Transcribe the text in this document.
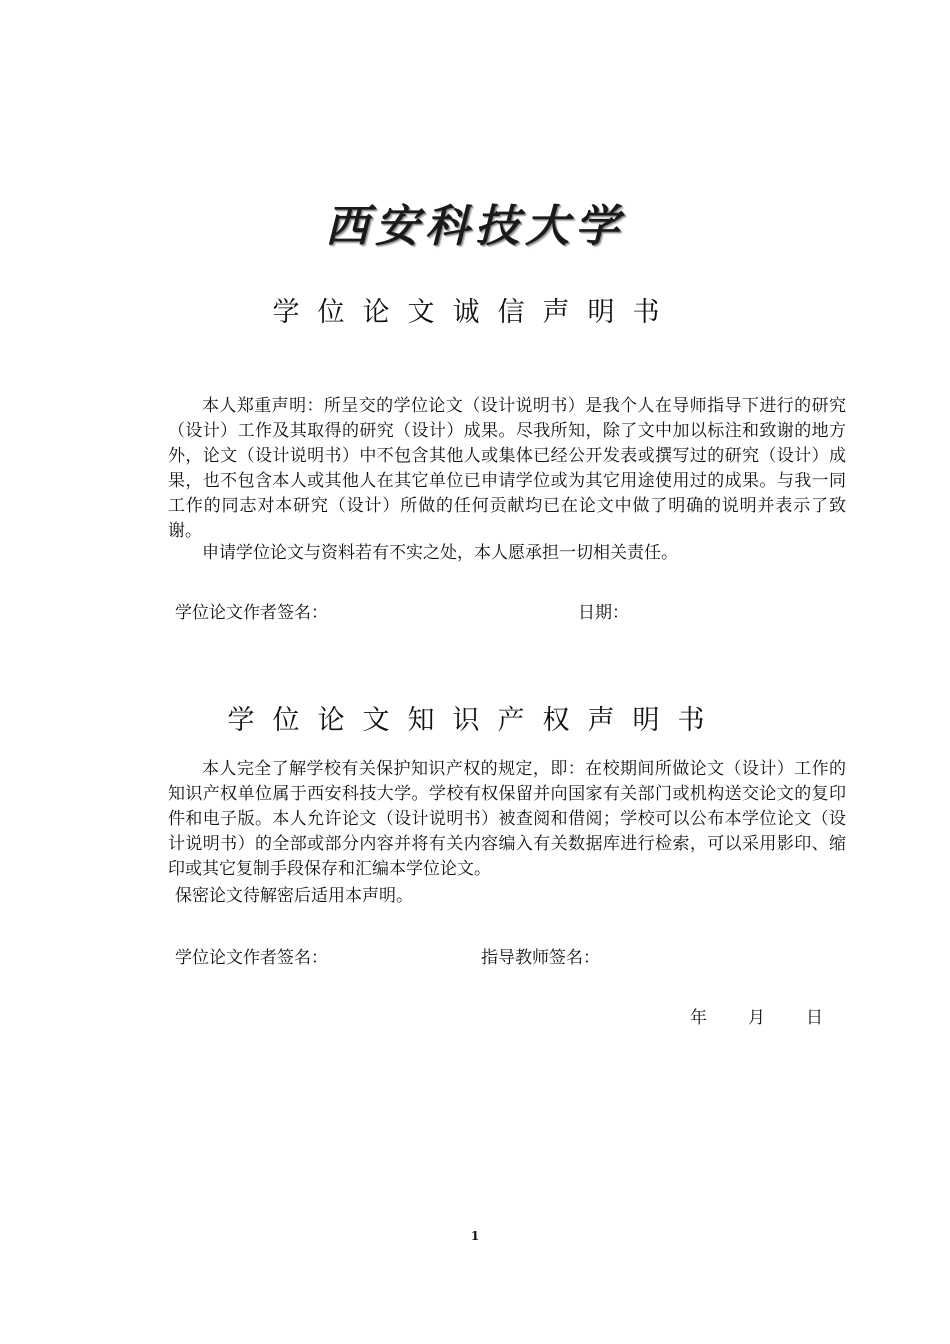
西安科技大学
学位论文诚信声明书

本人郑重声明：所呈交的学位论文（设计说明书）是我个人在导师指导下进行的研究（设计）工作及其取得的研究（设计）成果。尽我所知，除了文中加以标注和致谢的地方外，论文（设计说明书）中不包含其他人或集体已经公开发表或撰写过的研究（设计）成果，也不包含本人或其他人在其它单位已申请学位或为其它用途使用过的成果。与我一同工作的同志对本研究（设计）所做的任何贡献均已在论文中做了明确的说明并表示了致谢。

申请学位论文与资料若有不实之处，本人愿承担一切相关责任。

学位论文作者签名：	日期：
学位论文知识产权声明书

本人完全了解学校有关保护知识产权的规定，即：在校期间所做论文（设计）工作的知识产权单位属于西安科技大学。学校有权保留并向国家有关部门或机构送交论文的复印件和电子版。本人允许论文（设计说明书）被查阅和借阅；学校可以公布本学位论文（设计说明书）的全部或部分内容并将有关内容编入有关数据库进行检索，可以采用影印、缩印或其它复制手段保存和汇编本学位论文。

保密论文待解密后适用本声明。

学位论文作者签名：	指导教师签名：
年 月 日
1
